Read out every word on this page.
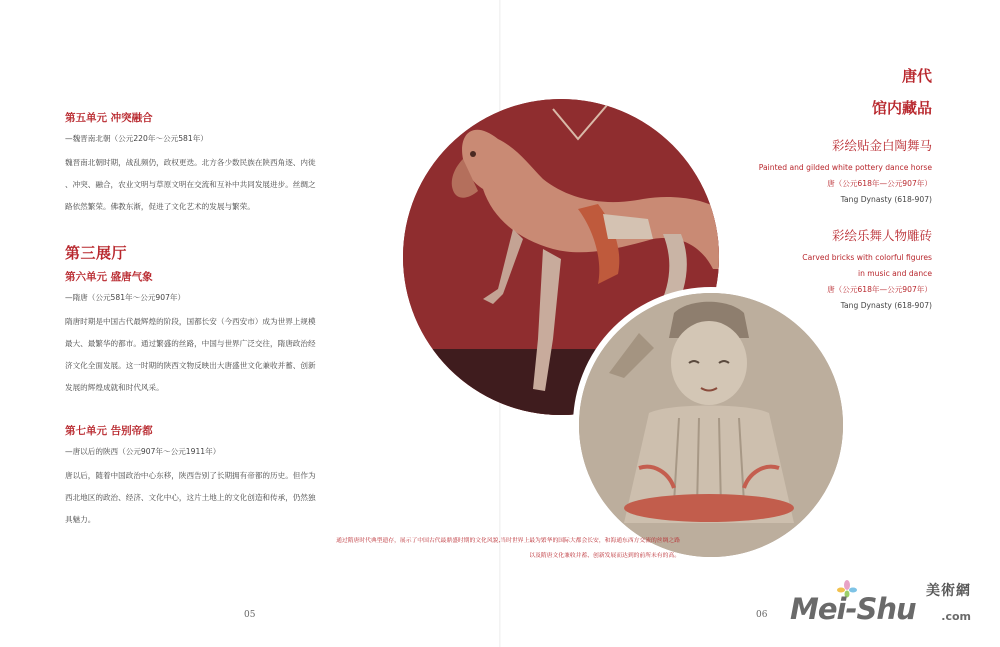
第五单元 冲突融合

—魏晋南北朝（公元220年～公元581年）

魏晋南北朝时期，战乱频仍，政权更迭。北方各少数民族在陕西角逐、内徙

、冲突、融合，农业文明与草原文明在交流和互补中共同发展进步。丝绸之

路依然繁荣。佛教东渐，促进了文化艺术的发展与繁荣。

第三展厅

第六单元 盛唐气象

—隋唐（公元581年～公元907年）

隋唐时期是中国古代最辉煌的阶段，国都长安（今西安市）成为世界上规模

最大、最繁华的都市。通过繁盛的丝路，中国与世界广泛交往，隋唐政治经

济文化全面发展。这一时期的陕西文物反映出大唐盛世文化兼收并蓄、创新

发展的辉煌成就和时代风采。

第七单元 告别帝都

—唐以后的陕西（公元907年～公元1911年）

唐以后，随着中国政治中心东移，陕西告别了长期拥有帝都的历史。但作为

西北地区的政治、经济、文化中心，这片土地上的文化创造和传承，仍然独

具魅力。

05	06

唐代

馆内藏品

彩绘贴金白陶舞马

Painted and gilded white pottery dance horse

唐（公元618年—公元907年）

Tang Dynasty (618-907)

彩绘乐舞人物雕砖

Carved bricks with colorful figures

in music and dance

唐（公元618年—公元907年）

Tang Dynasty (618-907)

通过隋唐时代典型遗存，展示了中国古代最鼎盛时期的文化风貌,当时世界上最为繁华的国际大都会长安，和海通东西方交流的丝绸之路
以及隋唐文化兼收并蓄、创新发展而达到的前所未有的高。
美術網
Mei-Shu .com
